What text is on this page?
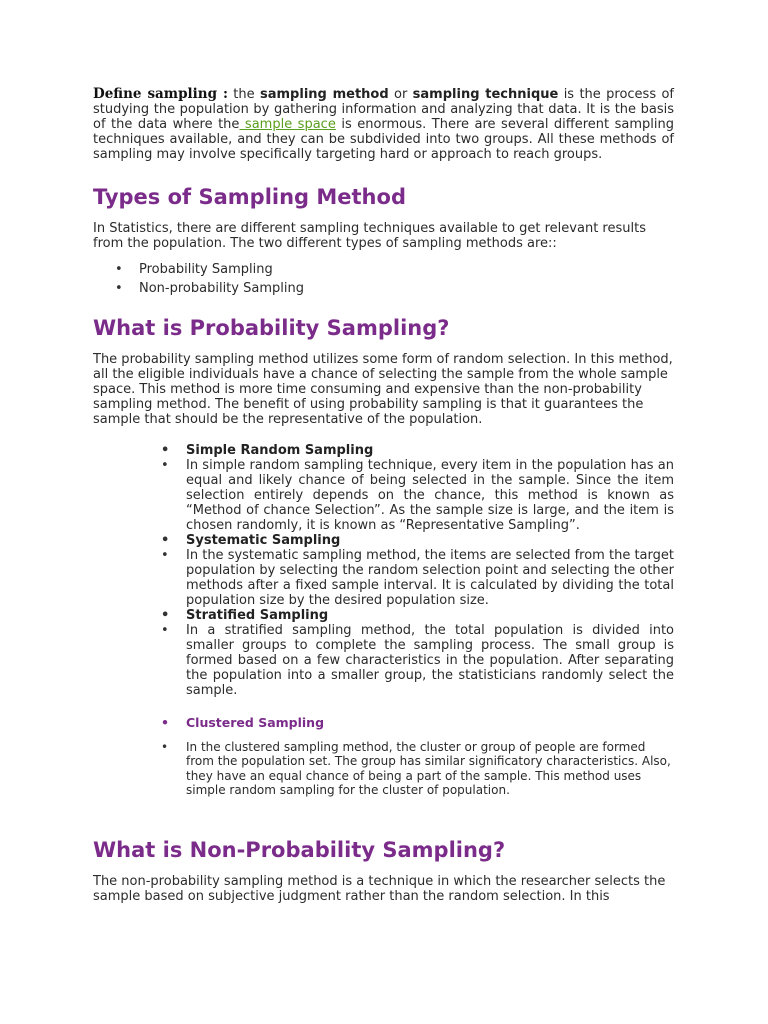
Define sampling : the sampling method or sampling technique is the process of studying the population by gathering information and analyzing that data. It is the basis of the data where the sample space is enormous. There are several different sampling techniques available, and they can be subdivided into two groups. All these methods of sampling may involve specifically targeting hard or approach to reach groups.

Types of Sampling Method

In Statistics, there are different sampling techniques available to get relevant results from the population. The two different types of sampling methods are::

• Probability Sampling
• Non-probability Sampling
What is Probability Sampling?

The probability sampling method utilizes some form of random selection. In this method, all the eligible individuals have a chance of selecting the sample from the whole sample space. This method is more time consuming and expensive than the non-probability sampling method. The benefit of using probability sampling is that it guarantees the sample that should be the representative of the population.

• Simple Random Sampling
• In simple random sampling technique, every item in the population has an equal and likely chance of being selected in the sample. Since the item selection entirely depends on the chance, this method is known as “Method of chance Selection”. As the sample size is large, and the item is chosen randomly, it is known as “Representative Sampling”.
• Systematic Sampling
• In the systematic sampling method, the items are selected from the target population by selecting the random selection point and selecting the other methods after a fixed sample interval. It is calculated by dividing the total population size by the desired population size.
• Stratified Sampling
• In a stratified sampling method, the total population is divided into smaller groups to complete the sampling process. The small group is formed based on a few characteristics in the population. After separating the population into a smaller group, the statisticians randomly select the sample.
• Clustered Sampling
• In the clustered sampling method, the cluster or group of people are formed from the population set. The group has similar significatory characteristics. Also, they have an equal chance of being a part of the sample. This method uses simple random sampling for the cluster of population.
What is Non-Probability Sampling?

The non-probability sampling method is a technique in which the researcher selects the sample based on subjective judgment rather than the random selection. In this
